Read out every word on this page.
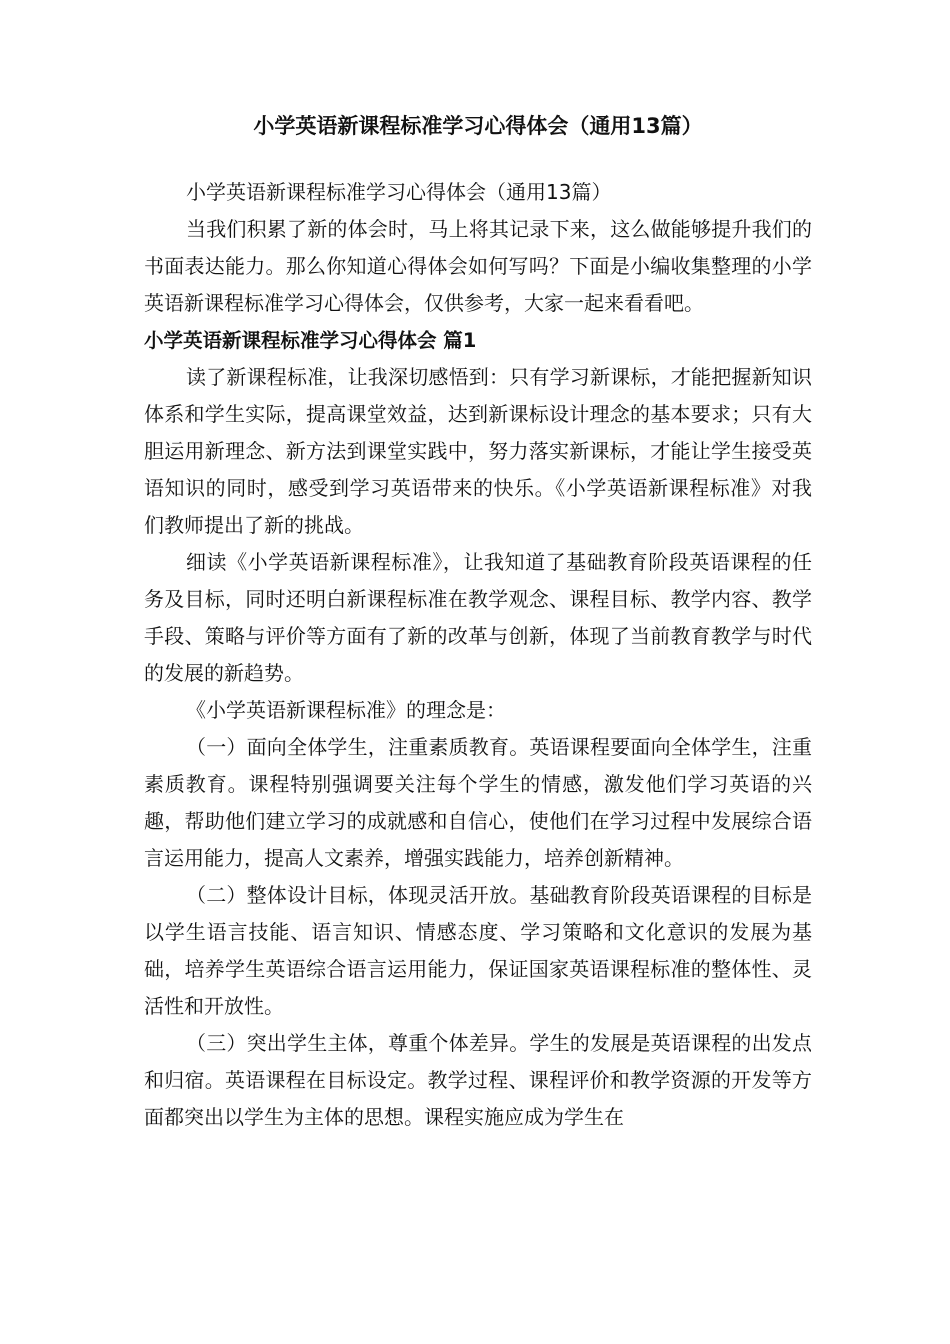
小学英语新课程标准学习心得体会（通用13篇）

小学英语新课程标准学习心得体会（通用13篇）

当我们积累了新的体会时，马上将其记录下来，这么做能够提升我们的书面表达能力。那么你知道心得体会如何写吗？下面是小编收集整理的小学英语新课程标准学习心得体会，仅供参考，大家一起来看看吧。

小学英语新课程标准学习心得体会 篇1

读了新课程标准，让我深切感悟到：只有学习新课标，才能把握新知识体系和学生实际，提高课堂效益，达到新课标设计理念的基本要求；只有大胆运用新理念、新方法到课堂实践中，努力落实新课标，才能让学生接受英语知识的同时，感受到学习英语带来的快乐。《小学英语新课程标准》对我们教师提出了新的挑战。

细读《小学英语新课程标准》，让我知道了基础教育阶段英语课程的任务及目标，同时还明白新课程标准在教学观念、课程目标、教学内容、教学手段、策略与评价等方面有了新的改革与创新，体现了当前教育教学与时代的发展的新趋势。

《小学英语新课程标准》的理念是：

（一）面向全体学生，注重素质教育。英语课程要面向全体学生，注重素质教育。课程特别强调要关注每个学生的情感，激发他们学习英语的兴趣，帮助他们建立学习的成就感和自信心，使他们在学习过程中发展综合语言运用能力，提高人文素养，增强实践能力，培养创新精神。

（二）整体设计目标，体现灵活开放。基础教育阶段英语课程的目标是以学生语言技能、语言知识、情感态度、学习策略和文化意识的发展为基础，培养学生英语综合语言运用能力，保证国家英语课程标准的整体性、灵活性和开放性。

（三）突出学生主体，尊重个体差异。学生的发展是英语课程的出发点和归宿。英语课程在目标设定。教学过程、课程评价和教学资源的开发等方面都突出以学生为主体的思想。课程实施应成为学生在
